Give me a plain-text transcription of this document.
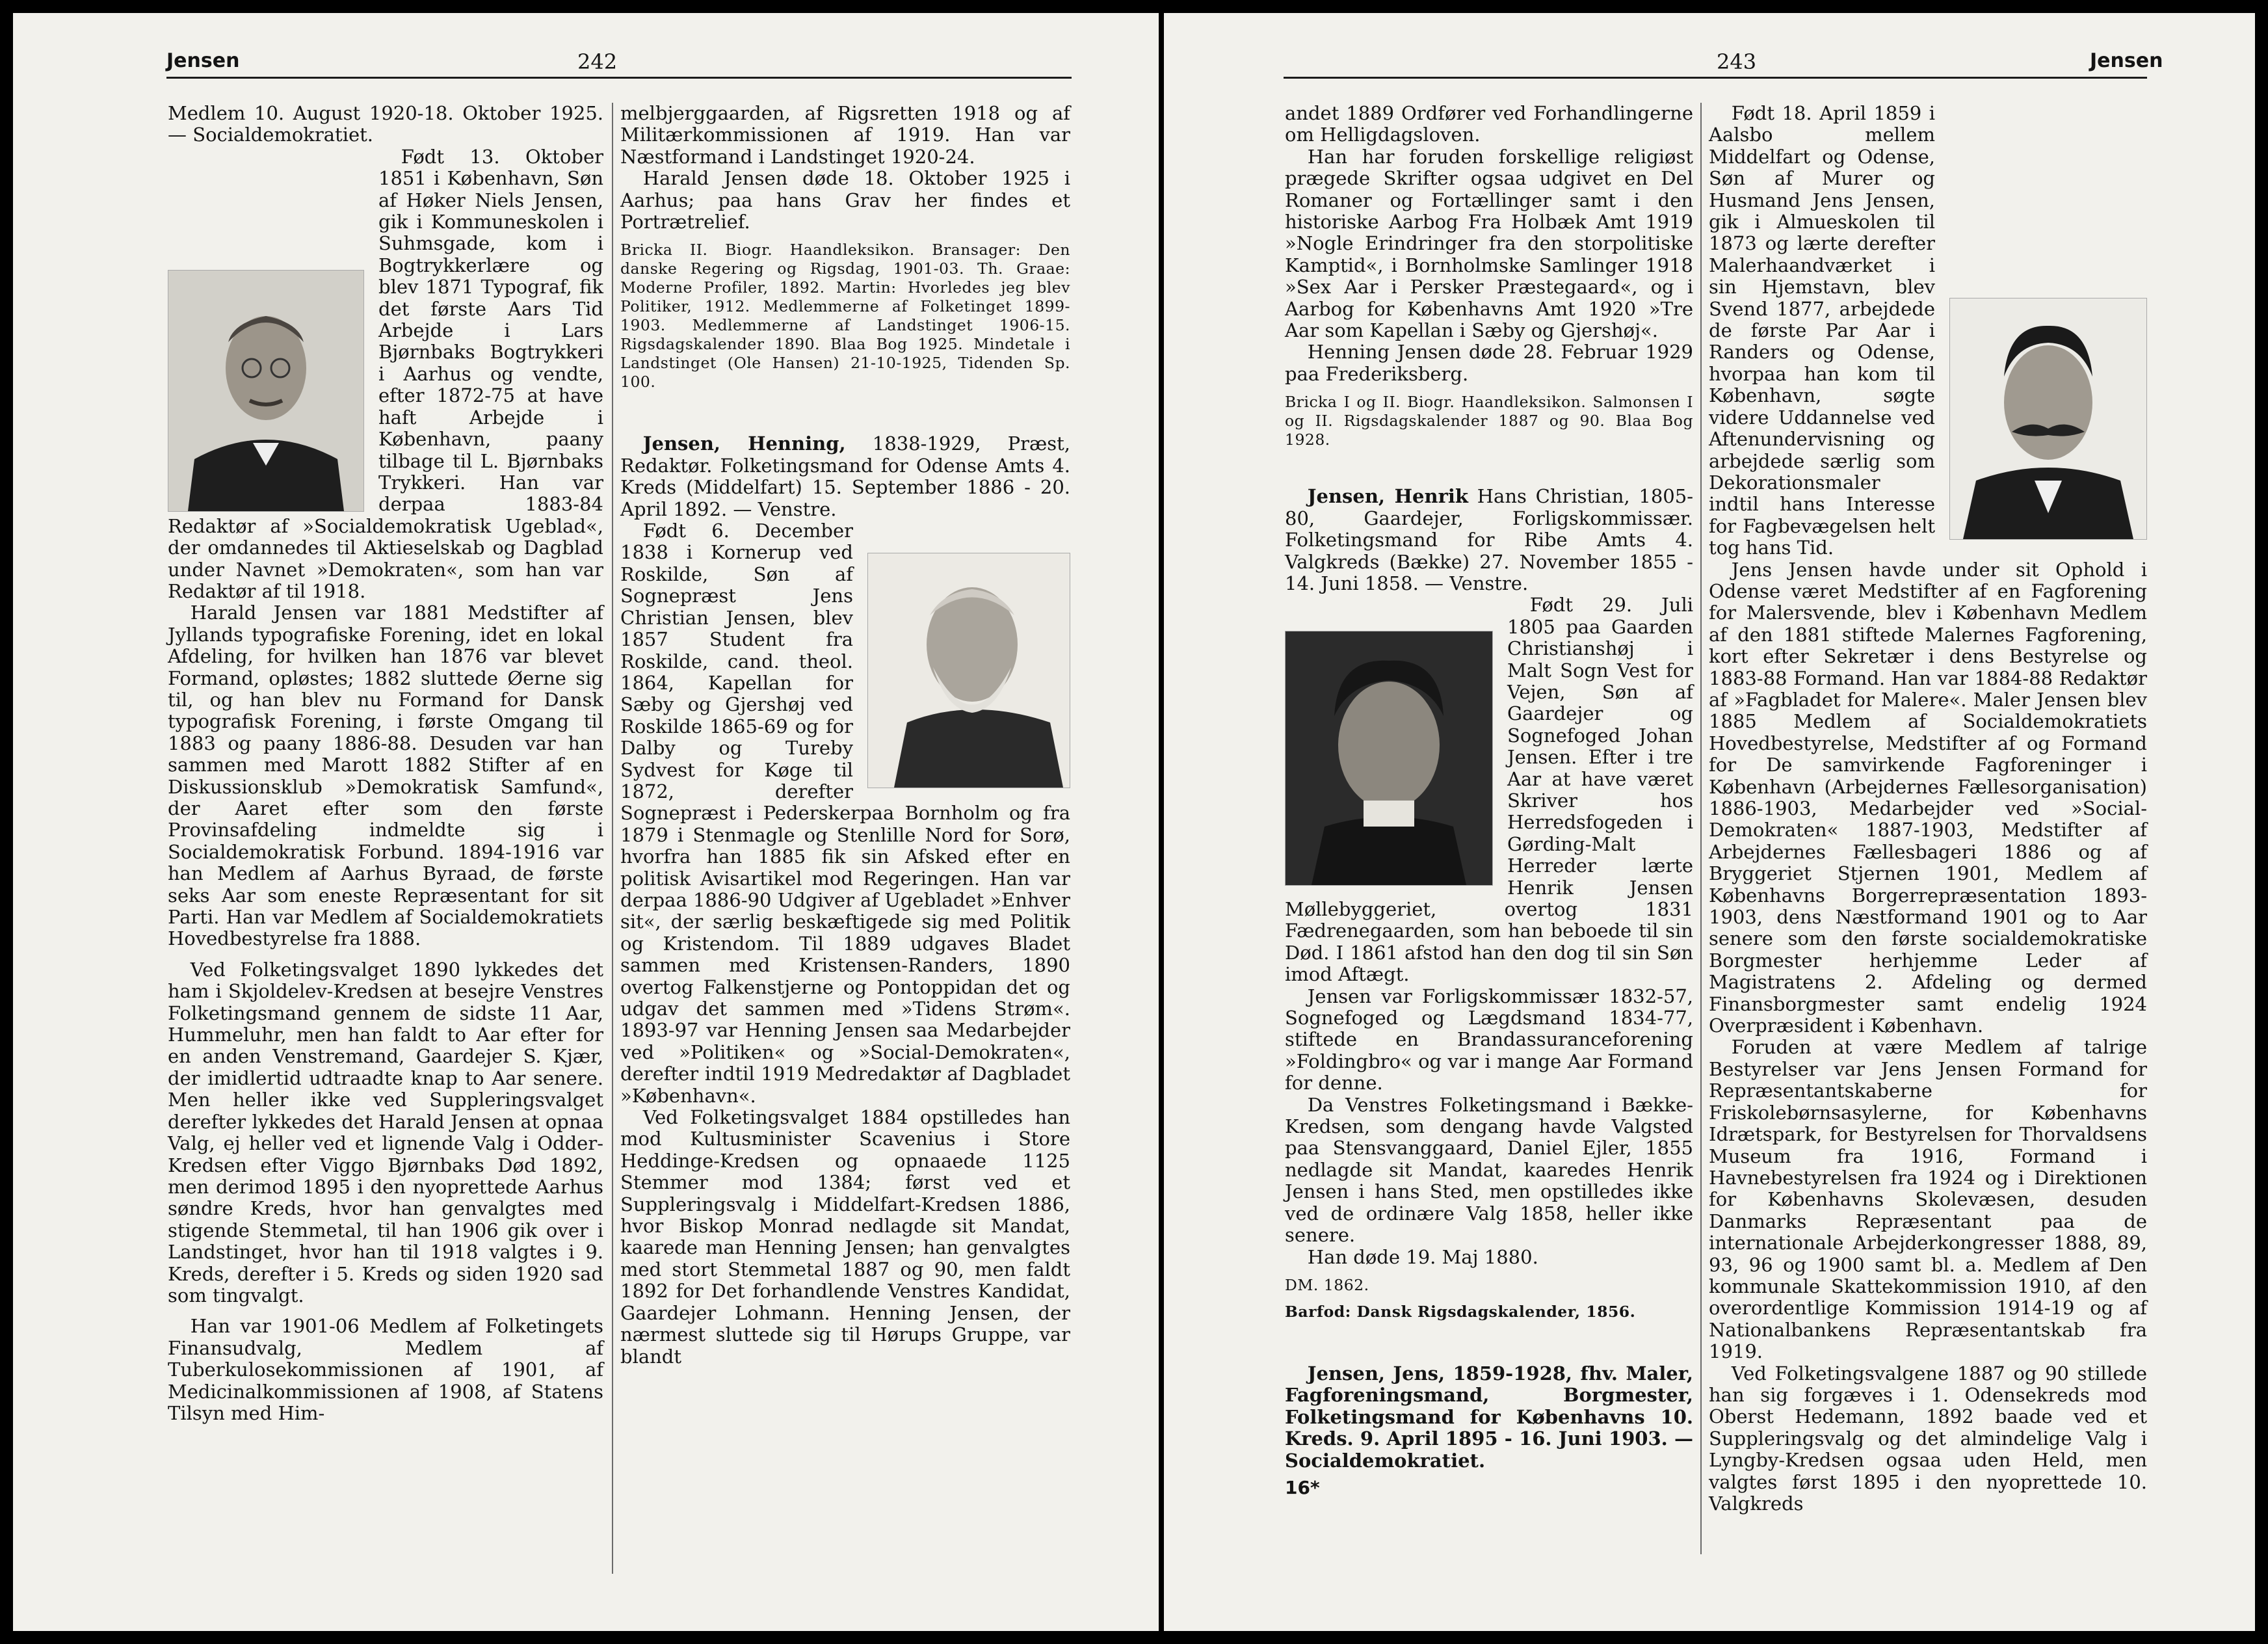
Jensen	242

Medlem 10. August 1920-18. Oktober 1925. — Socialdemokratiet.

Født 13. Oktober 1851 i København, Søn af Høker Niels Jensen, gik i Kommuneskolen i Suhmsgade, kom i Bogtrykkerlære og blev 1871 Typograf, fik det første Aars Tid Arbejde i Lars Bjørnbaks Bogtrykkeri i Aarhus og vendte, efter 1872-75 at have haft Arbejde i København, paany tilbage til L. Bjørnbaks Trykkeri. Han var derpaa 1883-84 Redaktør af »Socialdemokratisk Ugeblad«, der omdannedes til Aktieselskab og Dagblad under Navnet »Demokraten«, som han var Redaktør af til 1918.

Harald Jensen var 1881 Medstifter af Jyllands typografiske Forening, idet en lokal Afdeling, for hvilken han 1876 var blevet Formand, opløstes; 1882 sluttede Øerne sig til, og han blev nu Formand for Dansk typografisk Forening, i første Omgang til 1883 og paany 1886-88. Desuden var han sammen med Marott 1882 Stifter af en Diskussionsklub »Demokratisk Samfund«, der Aaret efter som den første Provinsafdeling indmeldte sig i Socialdemokratisk Forbund. 1894-1916 var han Medlem af Aarhus Byraad, de første seks Aar som eneste Repræsentant for sit Parti. Han var Medlem af Socialdemokratiets Hovedbestyrelse fra 1888.

Ved Folketingsvalget 1890 lykkedes det ham i Skjoldelev-Kredsen at besejre Venstres Folketingsmand gennem de sidste 11 Aar, Hummeluhr, men han faldt to Aar efter for en anden Venstremand, Gaardejer S. Kjær, der imidlertid udtraadte knap to Aar senere. Men heller ikke ved Suppleringsvalget derefter lykkedes det Harald Jensen at opnaa Valg, ej heller ved et lignende Valg i Odder-Kredsen efter Viggo Bjørnbaks Død 1892, men derimod 1895 i den nyoprettede Aarhus søndre Kreds, hvor han genvalgtes med stigende Stemmetal, til han 1906 gik over i Landstinget, hvor han til 1918 valgtes i 9. Kreds, derefter i 5. Kreds og siden 1920 sad som tingvalgt.

Han var 1901-06 Medlem af Folketingets Finansudvalg, Medlem af Tuberkulosekommissionen af 1901, af Medicinalkommissionen af 1908, af Statens Tilsyn med Him-

melbjerggaarden, af Rigsretten 1918 og af Militærkommissionen af 1919. Han var Næstformand i Landstinget 1920-24.

Harald Jensen døde 18. Oktober 1925 i Aarhus; paa hans Grav her findes et Portrætrelief.

Bricka II. Biogr. Haandleksikon. Bransager: Den danske Regering og Rigsdag, 1901-03. Th. Graae: Moderne Profiler, 1892. Martin: Hvorledes jeg blev Politiker, 1912. Medlemmerne af Folketinget 1899-1903. Medlemmerne af Landstinget 1906-15. Rigsdagskalender 1890. Blaa Bog 1925. Mindetale i Landstinget (Ole Hansen) 21-10-1925, Tidenden Sp. 100.

Jensen, Henning, 1838-1929, Præst, Redaktør. Folketingsmand for Odense Amts 4. Kreds (Middelfart) 15. September 1886 - 20. April 1892. — Venstre.

Født 6. December 1838 i Kornerup ved Roskilde, Søn af Sognepræst Jens Christian Jensen, blev 1857 Student fra Roskilde, cand. theol. 1864, Kapellan for Sæby og Gjershøj ved Roskilde 1865-69 og for Dalby og Tureby Sydvest for Køge til 1872, derefter Sognepræst i Pederskerpaa Bornholm og fra 1879 i Stenmagle og Stenlille Nord for Sorø, hvorfra han 1885 fik sin Afsked efter en politisk Avisartikel mod Regeringen. Han var derpaa 1886-90 Udgiver af Ugebladet »Enhver sit«, der særlig beskæftigede sig med Politik og Kristendom. Til 1889 udgaves Bladet sammen med Kristensen-Randers, 1890 overtog Falkenstjerne og Pontoppidan det og udgav det sammen med »Tidens Strøm«. 1893-97 var Henning Jensen saa Medarbejder ved »Politiken« og »Social-Demokraten«, derefter indtil 1919 Medredaktør af Dagbladet »København«.

Ved Folketingsvalget 1884 opstilledes han mod Kultusminister Scavenius i Store Heddinge-Kredsen og opnaaede 1125 Stemmer mod 1384; først ved et Suppleringsvalg i Middelfart-Kredsen 1886, hvor Biskop Monrad nedlagde sit Mandat, kaarede man Henning Jensen; han genvalgtes med stort Stemmetal 1887 og 90, men faldt 1892 for Det forhandlende Venstres Kandidat, Gaardejer Lohmann. Henning Jensen, der nærmest sluttede sig til Hørups Gruppe, var blandt

243	Jensen

andet 1889 Ordfører ved Forhandlingerne om Helligdagsloven.

Han har foruden forskellige religiøst prægede Skrifter ogsaa udgivet en Del Romaner og Fortællinger samt i den historiske Aarbog Fra Holbæk Amt 1919 »Nogle Erindringer fra den storpolitiske Kamptid«, i Bornholmske Samlinger 1918 »Sex Aar i Persker Præstegaard«, og i Aarbog for Københavns Amt 1920 »Tre Aar som Kapellan i Sæby og Gjershøj«.

Henning Jensen døde 28. Februar 1929 paa Frederiksberg.

Bricka I og II. Biogr. Haandleksikon. Salmonsen I og II. Rigsdagskalender 1887 og 90. Blaa Bog 1928.

Jensen, Henrik Hans Christian, 1805-80, Gaardejer, Forligskommissær. Folketingsmand for Ribe Amts 4. Valgkreds (Bække) 27. November 1855 - 14. Juni 1858. — Venstre.

Født 29. Juli 1805 paa Gaarden Christianshøj i Malt Sogn Vest for Vejen, Søn af Gaardejer og Sognefoged Johan Jensen. Efter i tre Aar at have været Skriver hos Herredsfogeden i Gørding-Malt Herreder lærte Henrik Jensen Møllebyggeriet, overtog 1831 Fædrenegaarden, som han beboede til sin Død. I 1861 afstod han den dog til sin Søn imod Aftægt.

Jensen var Forligskommissær 1832-57, Sognefoged og Lægdsmand 1834-77, stiftede en Brandassuranceforening »Foldingbro« og var i mange Aar Formand for denne.

Da Venstres Folketingsmand i Bække-Kredsen, som dengang havde Valgsted paa Stensvanggaard, Daniel Ejler, 1855 nedlagde sit Mandat, kaaredes Henrik Jensen i hans Sted, men opstilledes ikke ved de ordinære Valg 1858, heller ikke senere.

Han døde 19. Maj 1880.

DM. 1862.

Barfod: Dansk Rigsdagskalender, 1856.

Jensen, Jens, 1859-1928, fhv. Maler, Fagforeningsmand, Borgmester, Folketingsmand for Københavns 10. Kreds. 9. April 1895 - 16. Juni 1903. — Socialdemokratiet.

16*

Født 18. April 1859 i Aalsbo mellem Middelfart og Odense, Søn af Murer og Husmand Jens Jensen, gik i Almueskolen til 1873 og lærte derefter Malerhaandværket i sin Hjemstavn, blev Svend 1877, arbejdede de første Par Aar i Randers og Odense, hvorpaa han kom til København, søgte videre Uddannelse ved Aftenundervisning og arbejdede særlig som Dekorationsmaler indtil hans Interesse for Fagbevægelsen helt tog hans Tid.

Jens Jensen havde under sit Ophold i Odense været Medstifter af en Fagforening for Malersvende, blev i København Medlem af den 1881 stiftede Malernes Fagforening, kort efter Sekretær i dens Bestyrelse og 1883-88 Formand. Han var 1884-88 Redaktør af »Fagbladet for Malere«. Maler Jensen blev 1885 Medlem af Socialdemokratiets Hovedbestyrelse, Medstifter af og Formand for De samvirkende Fagforeninger i København (Arbejdernes Fællesorganisation) 1886-1903, Medarbejder ved »Social-Demokraten« 1887-1903, Medstifter af Arbejdernes Fællesbageri 1886 og af Bryggeriet Stjernen 1901, Medlem af Københavns Borgerrepræsentation 1893-1903, dens Næstformand 1901 og to Aar senere som den første socialdemokratiske Borgmester herhjemme Leder af Magistratens 2. Afdeling og dermed Finansborgmester samt endelig 1924 Overpræsident i København.

Foruden at være Medlem af talrige Bestyrelser var Jens Jensen Formand for Repræsentantskaberne for Friskolebørnsasylerne, for Københavns Idrætspark, for Bestyrelsen for Thorvaldsens Museum fra 1916, Formand i Havnebestyrelsen fra 1924 og i Direktionen for Københavns Skolevæsen, desuden Danmarks Repræsentant paa de internationale Arbejderkongresser 1888, 89, 93, 96 og 1900 samt bl. a. Medlem af Den kommunale Skattekommission 1910, af den overordentlige Kommission 1914-19 og af Nationalbankens Repræsentantskab fra 1919.

Ved Folketingsvalgene 1887 og 90 stillede han sig forgæves i 1. Odensekreds mod Oberst Hedemann, 1892 baade ved et Suppleringsvalg og det almindelige Valg i Lyngby-Kredsen ogsaa uden Held, men valgtes først 1895 i den nyoprettede 10. Valgkreds
